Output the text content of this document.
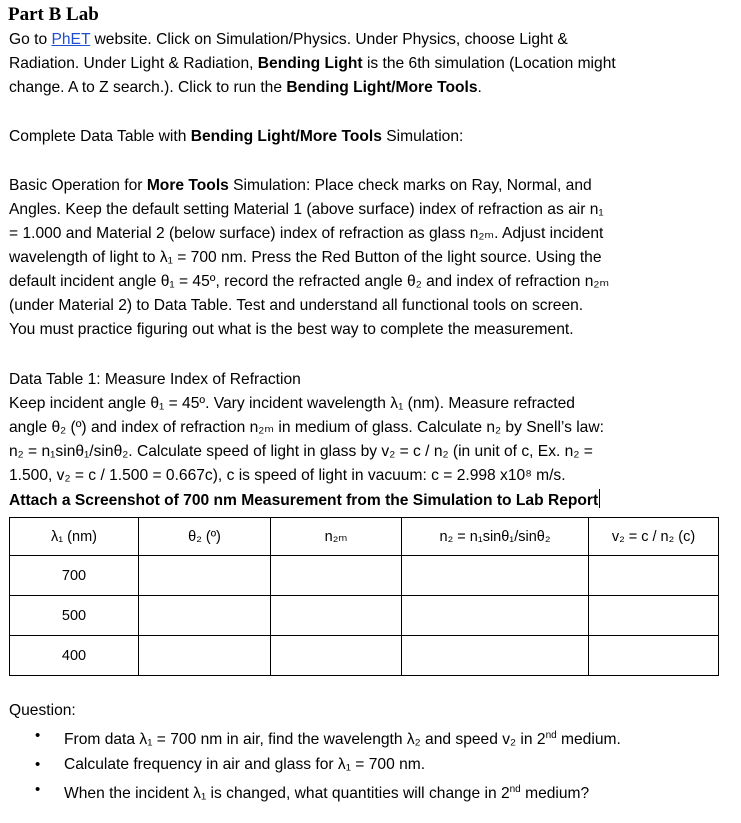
Part B Lab
Go to PhET website. Click on Simulation/Physics. Under Physics, choose Light &
Radiation. Under Light & Radiation, Bending Light is the 6th simulation (Location might
change. A to Z search.). Click to run the Bending Light/More Tools.
Complete Data Table with Bending Light/More Tools Simulation:
Basic Operation for More Tools Simulation: Place check marks on Ray, Normal, and
Angles. Keep the default setting Material 1 (above surface) index of refraction as air n₁
= 1.000 and Material 2 (below surface) index of refraction as glass n₂ₘ. Adjust incident
wavelength of light to λ₁ = 700 nm. Press the Red Button of the light source. Using the
default incident angle θ₁ = 45º, record the refracted angle θ₂ and index of refraction n₂ₘ
(under Material 2) to Data Table. Test and understand all functional tools on screen.
You must practice figuring out what is the best way to complete the measurement.
Data Table 1: Measure Index of Refraction
Keep incident angle θ₁ = 45º. Vary incident wavelength λ₁ (nm). Measure refracted
angle θ₂ (º) and index of refraction n₂ₘ in medium of glass. Calculate n₂ by Snell’s law:
n₂ = n₁sinθ₁/sinθ₂. Calculate speed of light in glass by v₂ = c / n₂ (in unit of c, Ex. n₂ =
1.500, v₂ = c / 1.500 = 0.667c), c is speed of light in vacuum: c = 2.998 x10⁸ m/s.
Attach a Screenshot of 700 nm Measurement from the Simulation to Lab Report
λ₁ (nm)	θ₂ (º)	n₂ₘ	n₂ = n₁sinθ₁/sinθ₂	v₂ = c / n₂ (c)
700				
500				
400				
Question:
• From data λ₁ = 700 nm in air, find the wavelength λ₂ and speed v₂ in 2nd medium.
• Calculate frequency in air and glass for λ₁ = 700 nm.
• When the incident λ₁ is changed, what quantities will change in 2nd medium?
